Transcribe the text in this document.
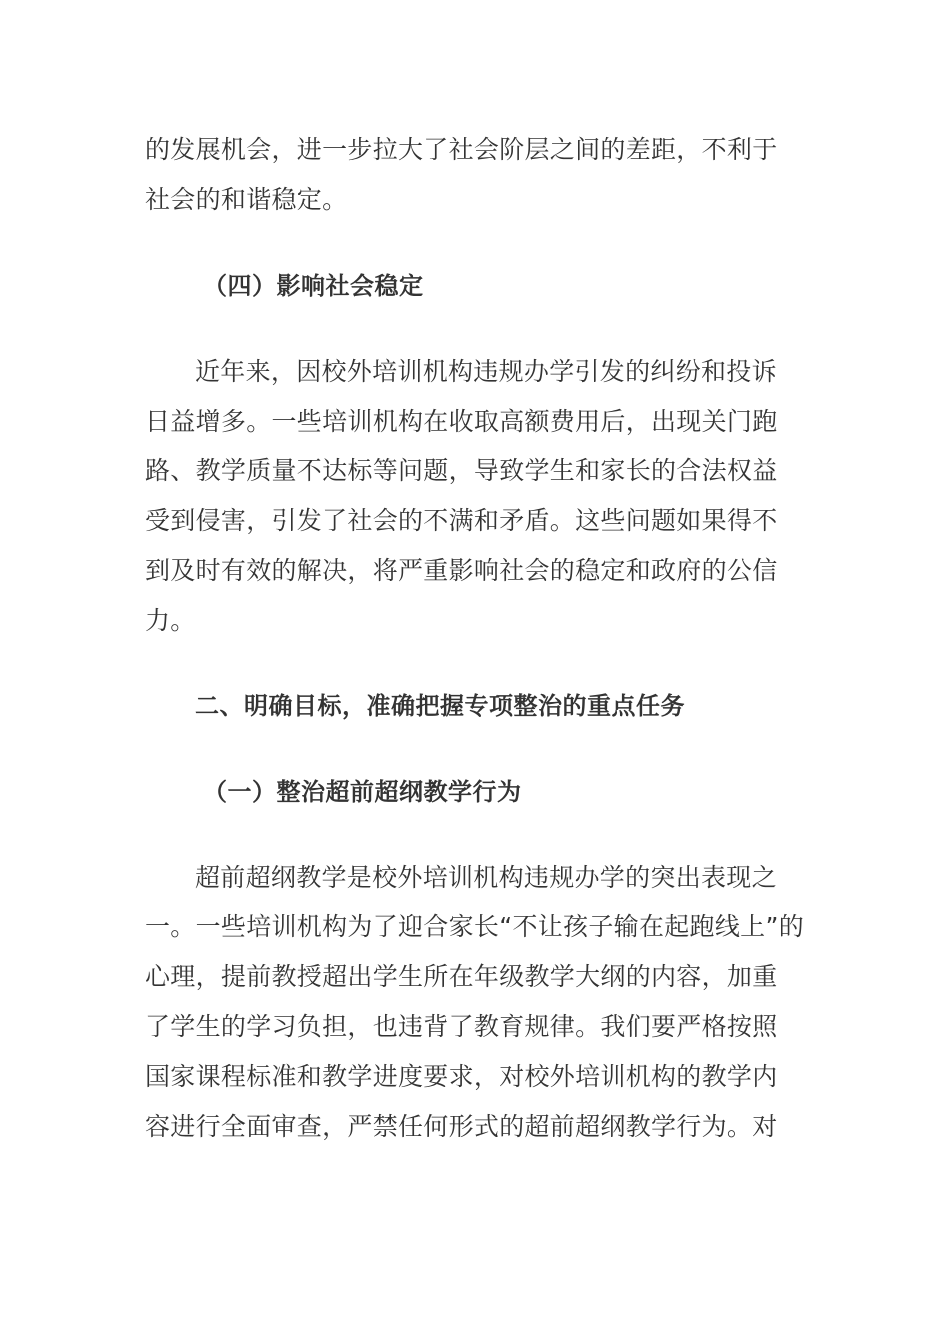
的发展机会，进一步拉大了社会阶层之间的差距，不利于
社会的和谐稳定。
（四）影响社会稳定
近年来，因校外培训机构违规办学引发的纠纷和投诉
日益增多。一些培训机构在收取高额费用后，出现关门跑
路、教学质量不达标等问题，导致学生和家长的合法权益
受到侵害，引发了社会的不满和矛盾。这些问题如果得不
到及时有效的解决，将严重影响社会的稳定和政府的公信
力。
二、明确目标，准确把握专项整治的重点任务
（一）整治超前超纲教学行为
超前超纲教学是校外培训机构违规办学的突出表现之
一。一些培训机构为了迎合家长“不让孩子输在起跑线上”的
心理，提前教授超出学生所在年级教学大纲的内容，加重
了学生的学习负担，也违背了教育规律。我们要严格按照
国家课程标准和教学进度要求，对校外培训机构的教学内
容进行全面审查，严禁任何形式的超前超纲教学行为。对
